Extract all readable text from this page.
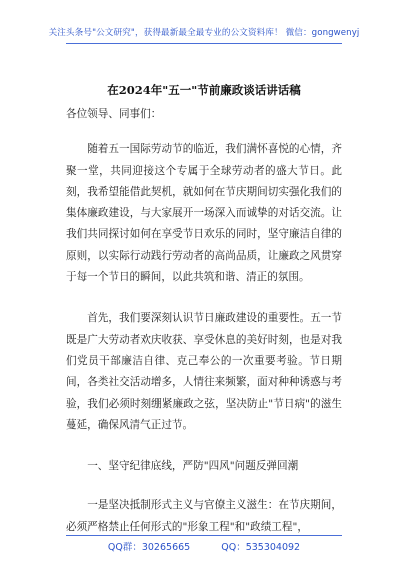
关注头条号"公文研究"，获得最新最全最专业的公文资料库！ 微信：gongwenyj
在2024年"五一"节前廉政谈话讲话稿

各位领导、同事们：

随着五一国际劳动节的临近，我们满怀喜悦的心情，齐聚一堂，共同迎接这个专属于全球劳动者的盛大节日。此刻，我希望能借此契机，就如何在节庆期间切实强化我们的集体廉政建设，与大家展开一场深入而诚挚的对话交流。让我们共同探讨如何在享受节日欢乐的同时，坚守廉洁自律的原则，以实际行动践行劳动者的高尚品质，让廉政之风贯穿于每一个节日的瞬间，以此共筑和谐、清正的氛围。

首先，我们要深刻认识节日廉政建设的重要性。五一节既是广大劳动者欢庆收获、享受休息的美好时刻，也是对我们党员干部廉洁自律、克己奉公的一次重要考验。节日期间，各类社交活动增多，人情往来频繁，面对种种诱惑与考验，我们必须时刻绷紧廉政之弦，坚决防止"节日病"的滋生蔓延，确保风清气正过节。

一、坚守纪律底线，严防"四风"问题反弹回潮

一是坚决抵制形式主义与官僚主义滋生：在节庆期间，必须严格禁止任何形式的"形象工程"和"政绩工程"，

QQ群：30265665	QQ：535304092
